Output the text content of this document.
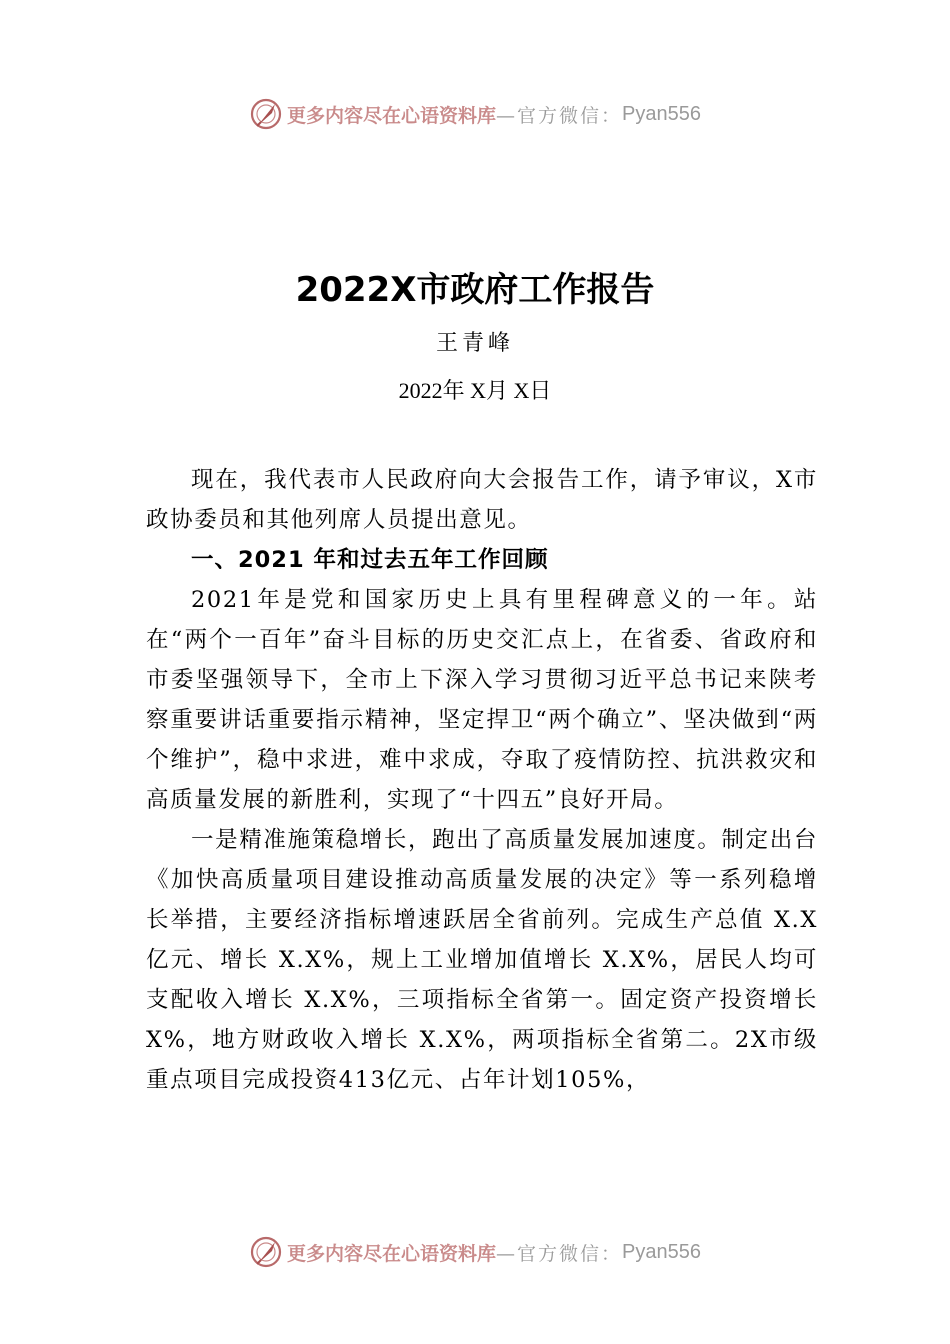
更多内容尽在心语资料库 —官方微信： Pyan556
2022X市政府工作报告
王青峰
2022年 X月 X日

现在，我代表市人民政府向大会报告工作，请予审议，X市政协委员和其他列席人员提出意见。

一、2021 年和过去五年工作回顾

2021年是党和国家历史上具有里程碑意义的一年。站在“两个一百年”奋斗目标的历史交汇点上，在省委、省政府和市委坚强领导下，全市上下深入学习贯彻习近平总书记来陕考察重要讲话重要指示精神，坚定捍卫“两个确立”、坚决做到“两个维护”，稳中求进，难中求成，夺取了疫情防控、抗洪救灾和高质量发展的新胜利，实现了“十四五”良好开局。

一是精准施策稳增长，跑出了高质量发展加速度。制定出台《加快高质量项目建设推动高质量发展的决定》等一系列稳增长举措，主要经济指标增速跃居全省前列。完成生产总值 X.X亿元、增长 X.X%，规上工业增加值增长 X.X%，居民人均可支配收入增长 X.X%，三项指标全省第一。固定资产投资增长 X%，地方财政收入增长 X.X%，两项指标全省第二。2X市级重点项目完成投资413亿元、占年计划105%，

更多内容尽在心语资料库 —官方微信： Pyan556
